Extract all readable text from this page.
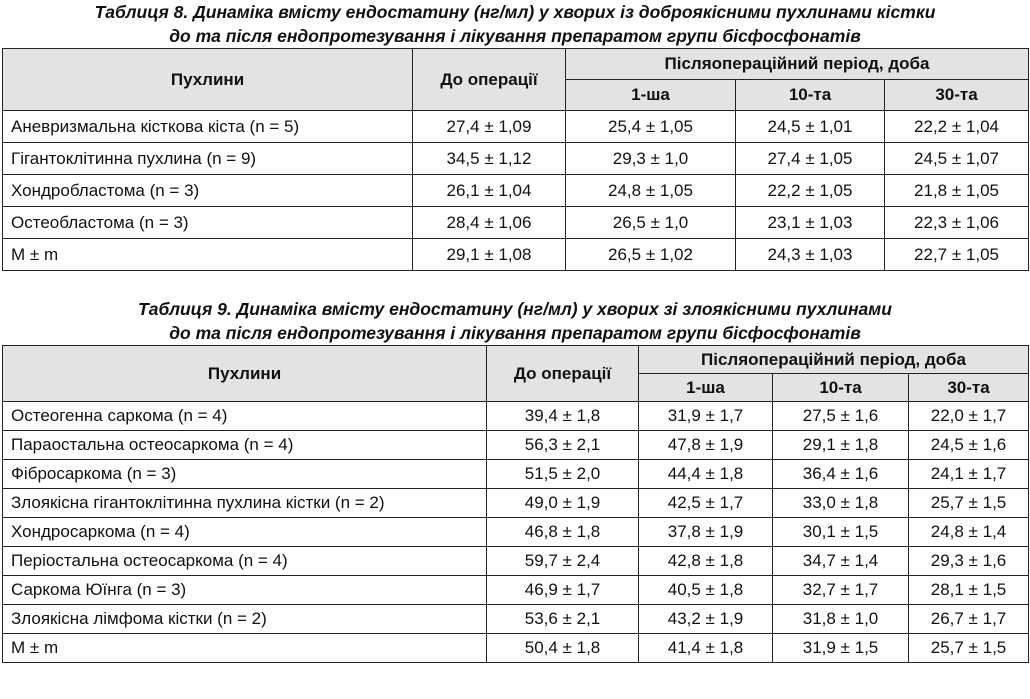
Таблиця 8. Динаміка вмісту ендостатину (нг/мл) у хворих із доброякісними пухлинами кістки

до та після ендопротезування і лікування препаратом групи бісфосфонатів

Пухлини	До операції	Післяопераційний період, доба		
		1-ша	10-та	30-та
Аневризмальна кісткова кіста (n = 5)	27,4 ± 1,09	25,4 ± 1,05	24,5 ± 1,01	22,2 ± 1,04
Гігантоклітинна пухлина (n = 9)	34,5 ± 1,12	29,3 ± 1,0	27,4 ± 1,05	24,5 ± 1,07
Хондробластома (n = 3)	26,1 ± 1,04	24,8 ± 1,05	22,2 ± 1,05	21,8 ± 1,05
Остеобластома (n = 3)	28,4 ± 1,06	26,5 ± 1,0	23,1 ± 1,03	22,3 ± 1,06
M ± m	29,1 ± 1,08	26,5 ± 1,02	24,3 ± 1,03	22,7 ± 1,05

Таблиця 9. Динаміка вмісту ендостатину (нг/мл) у хворих зі злоякісними пухлинами

до та після ендопротезування і лікування препаратом групи бісфосфонатів

Пухлини	До операції	Післяопераційний період, доба		
		1-ша	10-та	30-та
Остеогенна саркома (n = 4)	39,4 ± 1,8	31,9 ± 1,7	27,5 ± 1,6	22,0 ± 1,7
Параостальна остеосаркома (n = 4)	56,3 ± 2,1	47,8 ± 1,9	29,1 ± 1,8	24,5 ± 1,6
Фібросаркома (n = 3)	51,5 ± 2,0	44,4 ± 1,8	36,4 ± 1,6	24,1 ± 1,7
Злоякісна гігантоклітинна пухлина кістки (n = 2)	49,0 ± 1,9	42,5 ± 1,7	33,0 ± 1,8	25,7 ± 1,5
Хондросаркома (n = 4)	46,8 ± 1,8	37,8 ± 1,9	30,1 ± 1,5	24,8 ± 1,4
Періостальна остеосаркома (n = 4)	59,7 ± 2,4	42,8 ± 1,8	34,7 ± 1,4	29,3 ± 1,6
Саркома Юїнга (n = 3)	46,9 ± 1,7	40,5 ± 1,8	32,7 ± 1,7	28,1 ± 1,5
Злоякісна лімфома кістки (n = 2)	53,6 ± 2,1	43,2 ± 1,9	31,8 ± 1,0	26,7 ± 1,7
M ± m	50,4 ± 1,8	41,4 ± 1,8	31,9 ± 1,5	25,7 ± 1,5
